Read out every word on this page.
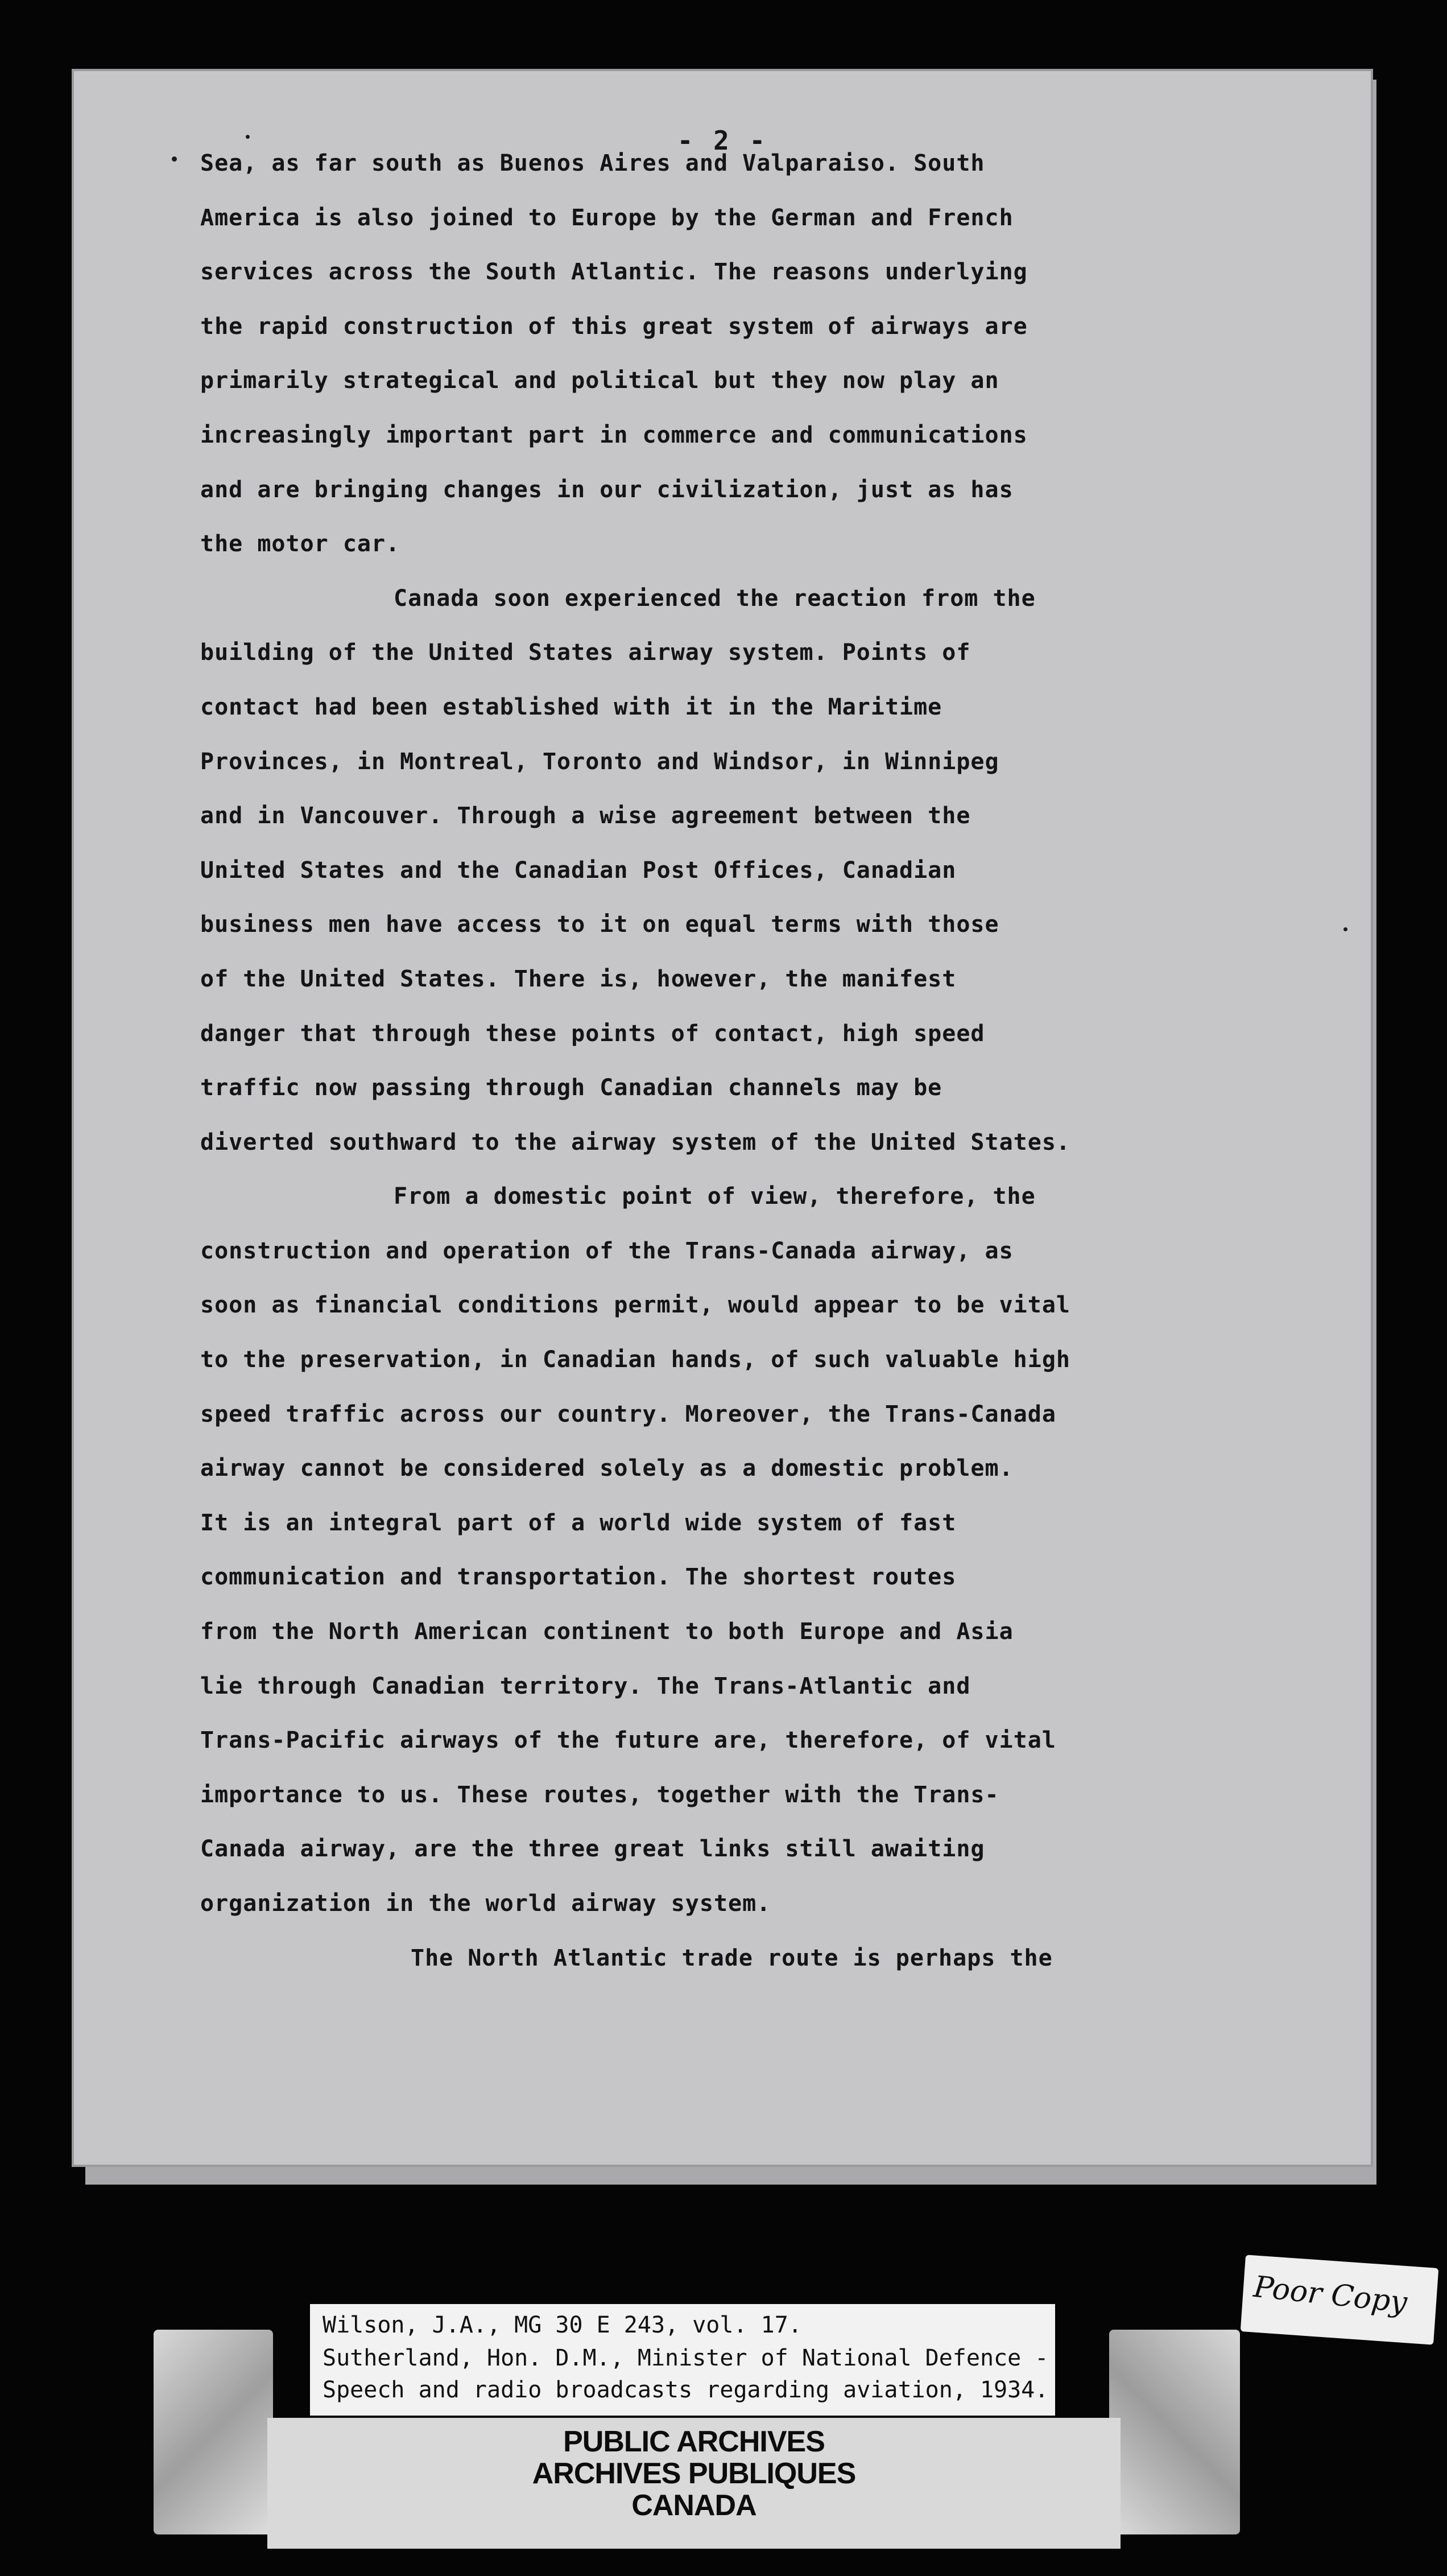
- 2 -
Sea, as far south as Buenos Aires and Valparaiso. South
America is also joined to Europe by the German and French
services across the South Atlantic. The reasons underlying
the rapid construction of this great system of airways are
primarily strategical and political but they now play an
increasingly important part in commerce and communications
and are bringing changes in our civilization, just as has
the motor car.
Canada soon experienced the reaction from the
building of the United States airway system. Points of
contact had been established with it in the Maritime
Provinces, in Montreal, Toronto and Windsor, in Winnipeg
and in Vancouver. Through a wise agreement between the
United States and the Canadian Post Offices, Canadian
business men have access to it on equal terms with those
of the United States. There is, however, the manifest
danger that through these points of contact, high speed
traffic now passing through Canadian channels may be
diverted southward to the airway system of the United States.
From a domestic point of view, therefore, the
construction and operation of the Trans-Canada airway, as
soon as financial conditions permit, would appear to be vital
to the preservation, in Canadian hands, of such valuable high
speed traffic across our country. Moreover, the Trans-Canada
airway cannot be considered solely as a domestic problem.
It is an integral part of a world wide system of fast
communication and transportation. The shortest routes
from the North American continent to both Europe and Asia
lie through Canadian territory. The Trans-Atlantic and
Trans-Pacific airways of the future are, therefore, of vital
importance to us. These routes, together with the Trans-
Canada airway, are the three great links still awaiting
organization in the world airway system.
The North Atlantic trade route is perhaps the
Wilson, J.A., MG 30 E 243, vol. 17.
Sutherland, Hon. D.M., Minister of National Defence -
Speech and radio broadcasts regarding aviation, 1934.
PUBLIC ARCHIVES
ARCHIVES PUBLIQUES
CANADA
Poor Copy
